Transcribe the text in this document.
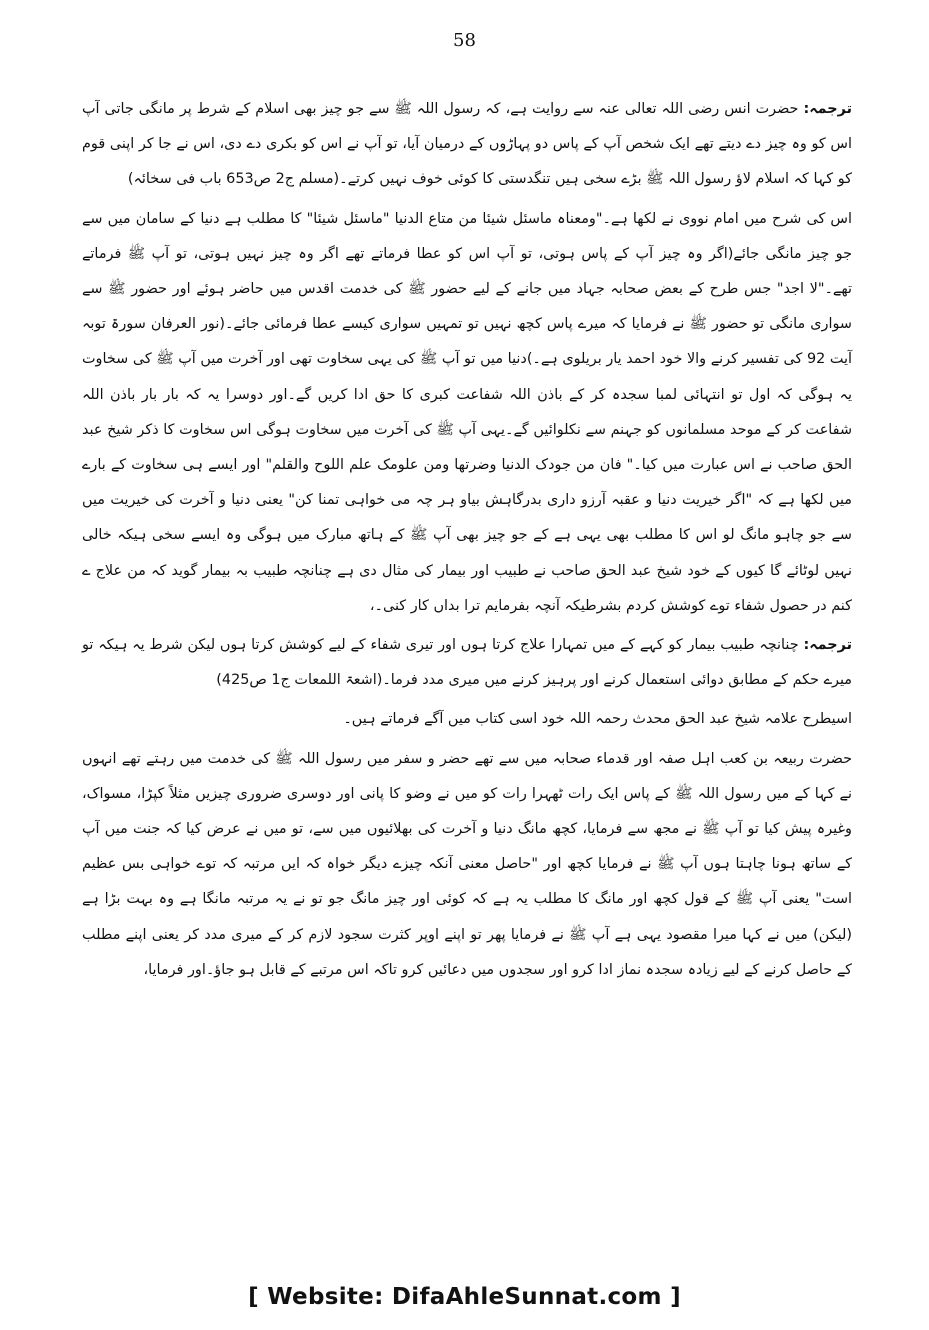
58

ترجمہ: حضرت انس رضی اللہ تعالی عنہ سے روایت ہے، کہ رسول اللہ ﷺ سے جو چیز بھی اسلام کے شرط پر مانگی جاتی آپ اس کو وہ چیز دے دیتے تھے ایک شخص آپ کے پاس دو پہاڑوں کے درمیان آیا، تو آپ نے اس کو بکری دے دی، اس نے جا کر اپنی قوم کو کہا کہ اسلام لاؤ رسول اللہ ﷺ بڑے سخی ہیں تنگدستی کا کوئی خوف نہیں کرتے۔(مسلم ج2 ص653 باب فی سخائہ)

اس کی شرح میں امام نووی نے لکھا ہے۔"ومعناہ ماسئل شیئا من متاع الدنیا "ماسئل شیئا" کا مطلب ہے دنیا کے سامان میں سے جو چیز مانگی جائے(اگر وہ چیز آپ کے پاس ہوتی، تو آپ اس کو عطا فرماتے تھے اگر وہ چیز نہیں ہوتی، تو آپ ﷺ فرماتے تھے۔"لا اجد" جس طرح کے بعض صحابہ جہاد میں جانے کے لیے حضور ﷺ کی خدمت اقدس میں حاضر ہوئے اور حضور ﷺ سے سواری مانگی تو حضور ﷺ نے فرمایا کہ میرے پاس کچھ نہیں تو تمہیں سواری کیسے عطا فرمائی جائے۔(نور العرفان سورۃ توبہ آیت 92 کی تفسیر کرنے والا خود احمد یار بریلوی ہے۔)دنیا میں تو آپ ﷺ کی یہی سخاوت تھی اور آخرت میں آپ ﷺ کی سخاوت یہ ہوگی کہ اول تو انتہائی لمبا سجدہ کر کے باذن اللہ شفاعت کبری کا حق ادا کریں گے۔اور دوسرا یہ کہ بار بار باذن اللہ شفاعت کر کے موحد مسلمانوں کو جہنم سے نکلوائیں گے۔یہی آپ ﷺ کی آخرت میں سخاوت ہوگی اس سخاوت کا ذکر شیخ عبد الحق صاحب نے اس عبارت میں کیا۔" فان من جودک الدنیا وضرتھا ومن علومک علم اللوح والقلم" اور ایسے ہی سخاوت کے بارے میں لکھا ہے کہ "اگر خیریت دنیا و عقبہ آرزو داری بدرگاہش بیاو ہر چہ می خواہی تمنا کن" یعنی دنیا و آخرت کی خیریت میں سے جو چاہو مانگ لو اس کا مطلب بھی یہی ہے کے جو چیز بھی آپ ﷺ کے ہاتھ مبارک میں ہوگی وہ ایسے سخی ہیکہ خالی نہیں لوٹائے گا کیوں کے خود شیخ عبد الحق صاحب نے طبیب اور بیمار کی مثال دی ہے چنانچہ طبیب بہ بیمار گوید کہ من علاج ے کنم در حصول شفاء توے کوشش کردم بشرطیکہ آنچہ بفرمایم ترا بداں کار کنی۔،

ترجمہ: چنانچہ طبیب بیمار کو کہے کے میں تمہارا علاج کرتا ہوں اور تیری شفاء کے لیے کوشش کرتا ہوں لیکن شرط یہ ہیکہ تو میرے حکم کے مطابق دوائی استعمال کرنے اور پرہیز کرنے میں میری مدد فرما۔(اشعۃ اللمعات ج1 ص425)

اسیطرح علامہ شیخ عبد الحق محدث رحمہ اللہ خود اسی کتاب میں آگے فرماتے ہیں۔

حضرت ربیعہ بن کعب اہل صفہ اور قدماء صحابہ میں سے تھے حضر و سفر میں رسول اللہ ﷺ کی خدمت میں رہتے تھے انہوں نے کہا کے میں رسول اللہ ﷺ کے پاس ایک رات ٹھہرا رات کو میں نے وضو کا پانی اور دوسری ضروری چیزیں مثلاً کپڑا، مسواک، وغیرہ پیش کیا تو آپ ﷺ نے مجھ سے فرمایا، کچھ مانگ دنیا و آخرت کی بھلائیوں میں سے، تو میں نے عرض کیا کہ جنت میں آپ کے ساتھ ہونا چاہتا ہوں آپ ﷺ نے فرمایا کچھ اور "حاصل معنی آنکہ چیزے دیگر خواہ کہ ایں مرتبہ کہ توے خواہی بس عظیم است" یعنی آپ ﷺ کے قول کچھ اور مانگ کا مطلب یہ ہے کہ کوئی اور چیز مانگ جو تو نے یہ مرتبہ مانگا ہے وہ بہت بڑا ہے (لیکن) میں نے کہا میرا مقصود یہی ہے آپ ﷺ نے فرمایا پھر تو اپنے اوپر کثرت سجود لازم کر کے میری مدد کر یعنی اپنے مطلب کے حاصل کرنے کے لیے زیادہ سجدہ نماز ادا کرو اور سجدوں میں دعائیں کرو تاکہ اس مرتبے کے قابل ہو جاؤ۔اور فرمایا،

[ Website: DifaAhleSunnat.com ]
